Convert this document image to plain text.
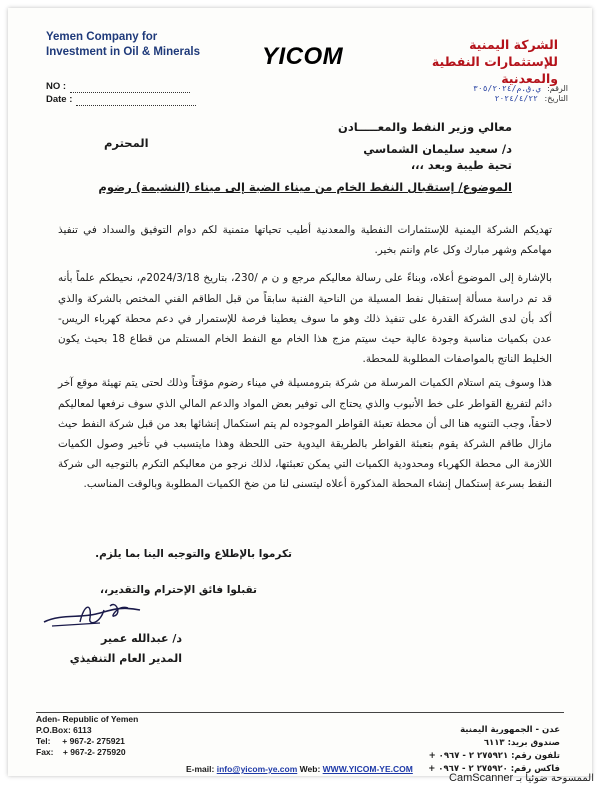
Yemen Company for
Investment in Oil & Minerals	YICOM	الشركة اليمنية
للإستثمارات النفطية والمعدنية
NO :
Date :
الرقم: ي.ق.م/٣٠٥/٢٠٢٤
التاريخ: ٢٠٢٤/٤/٢٢
معالي وزير النفط والمعـــــادن
د/ سعيد سليمان الشماسي
المحترم
تحية طيبة وبعد ،،،
الموضوع/ إستقبال النفط الخام من ميناء الضبة إلى ميناء (النشيمة) رضوم

تهديكم الشركة اليمنية للإستثمارات النفطية والمعدنية أطيب تحياتها متمنية لكم دوام التوفيق والسداد في تنفيذ مهامكم وشهر مبارك وكل عام وانتم بخير.

بالإشارة إلى الموضوع أعلاه، وبناءً على رسالة معاليكم مرجع و ن م /230، بتاريخ 2024/3/18م، نحيطكم علماً بأنه قد تم دراسة مسألة إستقبال نفط المسيلة من الناحية الفنية سابقاً من قبل الطاقم الفني المختص بالشركة والذي أكد بأن لدى الشركة القدرة على تنفيذ ذلك وهو ما سوف يعطينا فرصة للإستمرار في دعم محطة كهرباء الريس- عدن بكميات مناسبة وجودة عالية حيث سيتم مزج هذا الخام مع النفط الخام المستلم من قطاع 18 بحيث يكون الخليط الناتج بالمواصفات المطلوبة للمحطة.

هذا وسوف يتم استلام الكميات المرسلة من شركة بترومسيلة في ميناء رضوم مؤقتاً وذلك لحتى يتم تهيئة موقع آخر دائم لتفريغ القواطر على خط الأنبوب والذي يحتاج الى توفير بعض المواد والدعم المالي الذي سوف نرفعها لمعاليكم لاحقاً، وجب التنويه هنا الى أن محطة تعبئة القواطر الموجوده لم يتم استكمال إنشائها بعد من قبل شركة النفط حيث مازال طاقم الشركة يقوم بتعبئة القواطر بالطريقة اليدوية حتى اللحظة وهذا مايتسبب في تأخير وصول الكميات اللازمة الى محطة الكهرباء ومحدودية الكميات التي يمكن تعبئتها، لذلك نرجو من معاليكم التكرم بالتوجيه الى شركة النفط بسرعة إستكمال إنشاء المحطة المذكورة أعلاه ليتسنى لنا من ضخ الكميات المطلوبة وبالوقت المناسب.

تكرموا بالإطلاع والتوجيه الينا بما يلزم.
تقبلوا فائق الإحترام والتقدير،،
د/ عبدالله عمير
المدير العام التنفيذي
Aden- Republic of Yemen
P.O.Box: 6113
Tel:     + 967-2- 275921
Fax:    + 967-2- 275920
عدن - الجمهورية اليمنية
صندوق بريد: ٦١١٣
تلفون رقم: ٢٧٥٩٢١ ٢ - ٠٩٦٧ +
فاكس رقم: ٢٧٥٩٢٠ ٢ - ٠٩٦٧ +
E-mail: info@yicom-ye.com Web: WWW.YICOM-YE.COM
الممسوحة ضوئيا بـ CamScanner
